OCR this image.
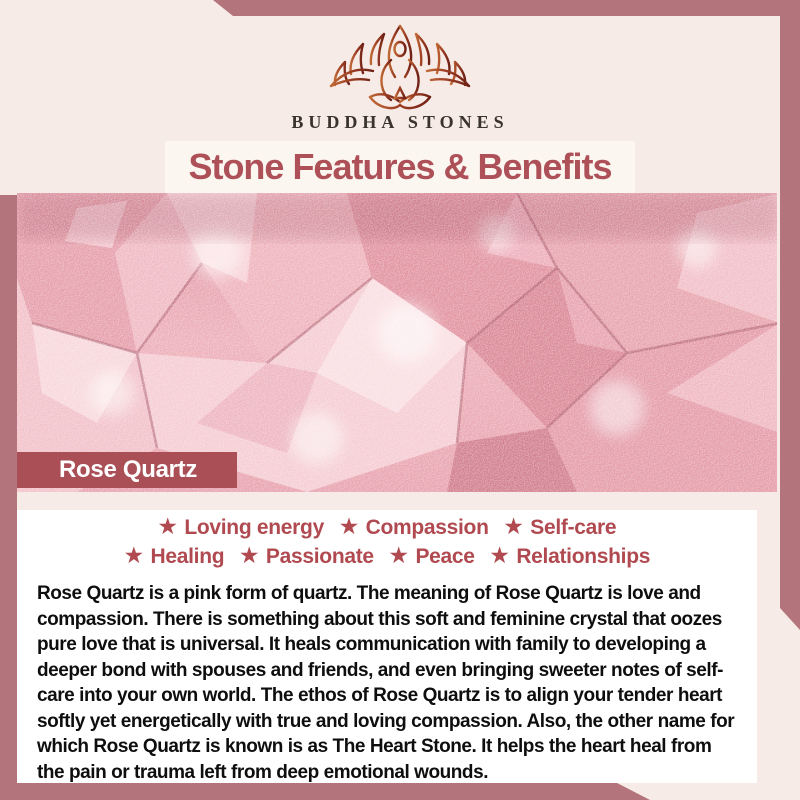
BUDDHA STONES
Stone Features & Benefits
Rose Quartz
★ Loving energy ★ Compassion ★ Self-care
★ Healing ★ Passionate ★ Peace ★ Relationships

Rose Quartz is a pink form of quartz. The meaning of Rose Quartz is love and compassion. There is something about this soft and feminine crystal that oozes pure love that is universal. It heals communication with family to developing a deeper bond with spouses and friends, and even bringing sweeter notes of self-care into your own world. The ethos of Rose Quartz is to align your tender heart softly yet energetically with true and loving compassion. Also, the other name for which Rose Quartz is known is as The Heart Stone. It helps the heart heal from the pain or trauma left from deep emotional wounds.
